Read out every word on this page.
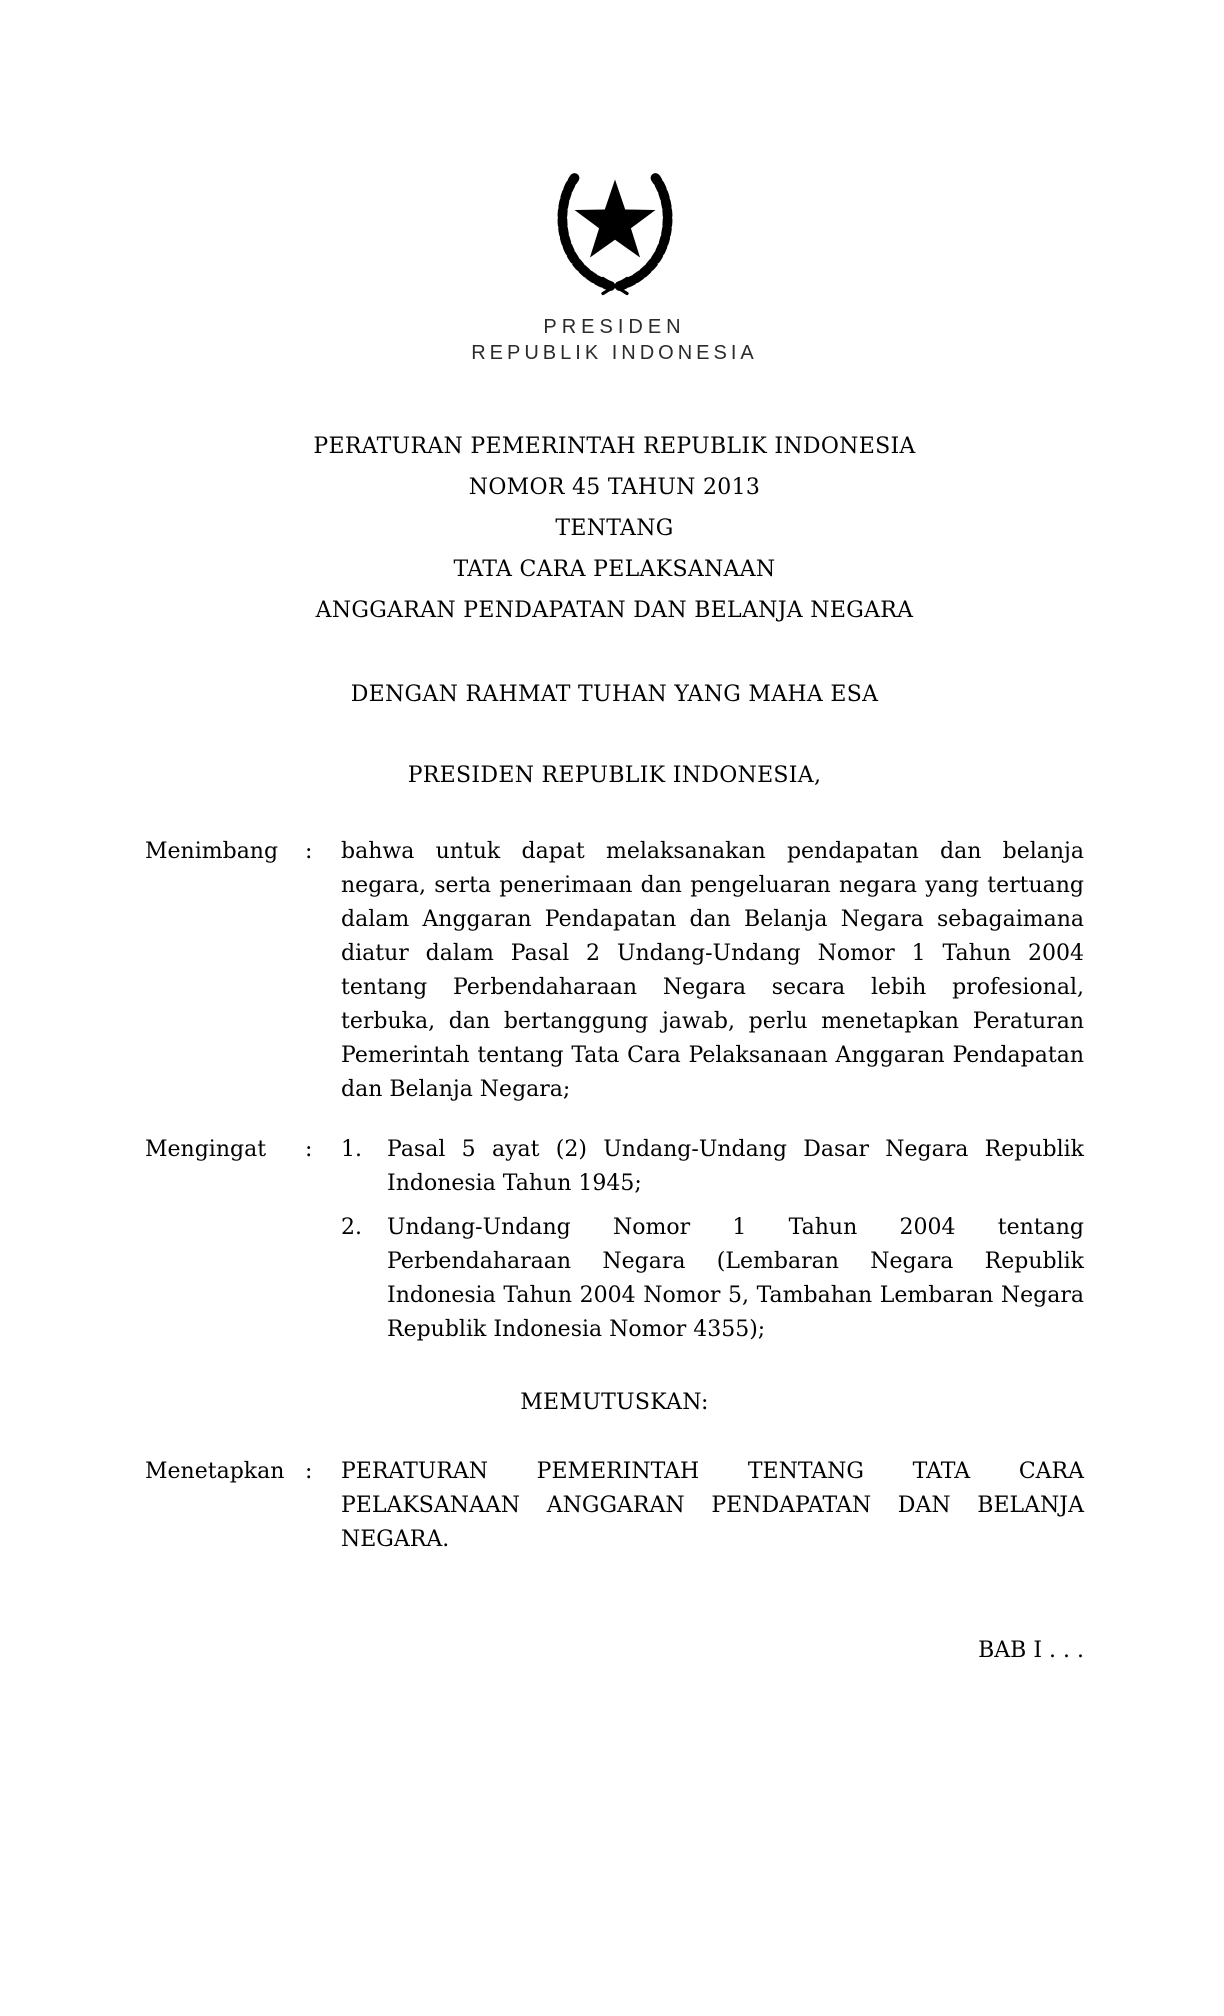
PRESIDEN
REPUBLIK INDONESIA
PERATURAN PEMERINTAH REPUBLIK INDONESIA
NOMOR 45 TAHUN 2013
TENTANG
TATA CARA PELAKSANAAN
ANGGARAN PENDAPATAN DAN BELANJA NEGARA
DENGAN RAHMAT TUHAN YANG MAHA ESA
PRESIDEN REPUBLIK INDONESIA,
Menimbang	:	bahwa untuk dapat melaksanakan pendapatan dan belanja negara, serta penerimaan dan pengeluaran negara yang tertuang dalam Anggaran Pendapatan dan Belanja Negara sebagaimana diatur dalam Pasal 2 Undang-Undang Nomor 1 Tahun 2004 tentang Perbendaharaan Negara secara lebih profesional, terbuka, dan bertanggung jawab, perlu menetapkan Peraturan Pemerintah tentang Tata Cara Pelaksanaan Anggaran Pendapatan dan Belanja Negara;
Mengingat	:	1.	Pasal 5 ayat (2) Undang-Undang Dasar Negara Republik Indonesia Tahun 1945;
2.	Undang-Undang Nomor 1 Tahun 2004 tentang Perbendaharaan Negara (Lembaran Negara Republik Indonesia Tahun 2004 Nomor 5, Tambahan Lembaran Negara Republik Indonesia Nomor 4355);
MEMUTUSKAN:
Menetapkan :	PERATURAN PEMERINTAH TENTANG TATA CARA PELAKSANAAN ANGGARAN PENDAPATAN DAN BELANJA NEGARA.
BAB I . . .
